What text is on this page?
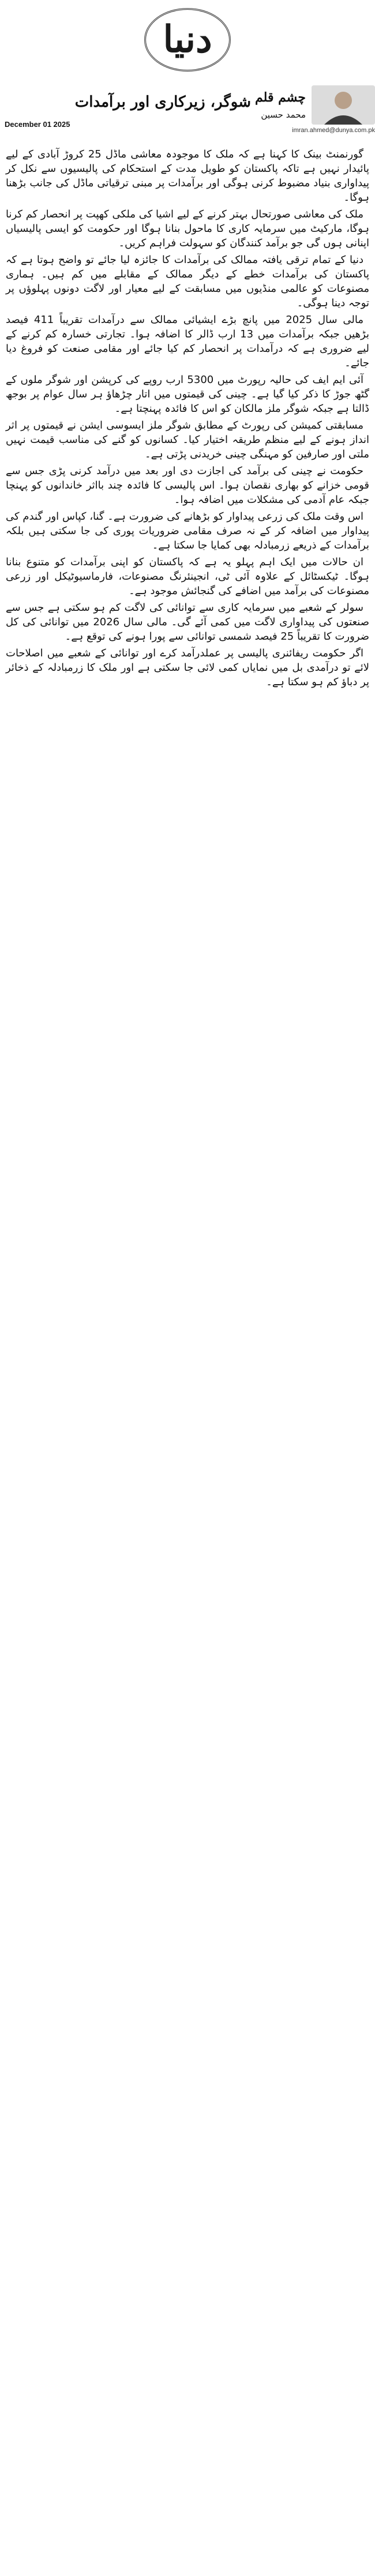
دنیا
شوگر، زیرکاری اور برآمدات چشم قلم
محمد حسین
imran.ahmed@dunya.com.pk
December 01 2025

گورنمنٹ بینک کا کہنا ہے کہ ملک کا موجودہ معاشی ماڈل 25 کروڑ آبادی کے لیے پائیدار نہیں ہے تاکہ پاکستان کو طویل مدت کے استحکام کی پالیسیوں سے نکل کر پیداواری بنیاد مضبوط کرنی ہوگی اور برآمدات پر مبنی ترقیاتی ماڈل کی جانب بڑھنا ہوگا۔

ملک کی معاشی صورتحال بہتر کرنے کے لیے اشیا کی ملکی کھپت پر انحصار کم کرنا ہوگا، مارکیٹ میں سرمایہ کاری کا ماحول بنانا ہوگا اور حکومت کو ایسی پالیسیاں اپنانی ہوں گی جو برآمد کنندگان کو سہولت فراہم کریں۔

دنیا کے تمام ترقی یافتہ ممالک کی برآمدات کا جائزہ لیا جائے تو واضح ہوتا ہے کہ پاکستان کی برآمدات خطے کے دیگر ممالک کے مقابلے میں کم ہیں۔ ہماری مصنوعات کو عالمی منڈیوں میں مسابقت کے لیے معیار اور لاگت دونوں پہلوؤں پر توجہ دینا ہوگی۔

مالی سال 2025 میں پانچ بڑے ایشیائی ممالک سے درآمدات تقریباً 411 فیصد بڑھیں جبکہ برآمدات میں 13 ارب ڈالر کا اضافہ ہوا۔ تجارتی خسارہ کم کرنے کے لیے ضروری ہے کہ درآمدات پر انحصار کم کیا جائے اور مقامی صنعت کو فروغ دیا جائے۔

آئی ایم ایف کی حالیہ رپورٹ میں 5300 ارب روپے کی کرپشن اور شوگر ملوں کے گٹھ جوڑ کا ذکر کیا گیا ہے۔ چینی کی قیمتوں میں اتار چڑھاؤ ہر سال عوام پر بوجھ ڈالتا ہے جبکہ شوگر ملز مالکان کو اس کا فائدہ پہنچتا ہے۔

مسابقتی کمیشن کی رپورٹ کے مطابق شوگر ملز ایسوسی ایشن نے قیمتوں پر اثر انداز ہونے کے لیے منظم طریقہ اختیار کیا۔ کسانوں کو گنے کی مناسب قیمت نہیں ملتی اور صارفین کو مہنگی چینی خریدنی پڑتی ہے۔

حکومت نے چینی کی برآمد کی اجازت دی اور بعد میں درآمد کرنی پڑی جس سے قومی خزانے کو بھاری نقصان ہوا۔ اس پالیسی کا فائدہ چند بااثر خاندانوں کو پہنچا جبکہ عام آدمی کی مشکلات میں اضافہ ہوا۔

اس وقت ملک کی زرعی پیداوار کو بڑھانے کی ضرورت ہے۔ گنا، کپاس اور گندم کی پیداوار میں اضافہ کر کے نہ صرف مقامی ضروریات پوری کی جا سکتی ہیں بلکہ برآمدات کے ذریعے زرمبادلہ بھی کمایا جا سکتا ہے۔

ان حالات میں ایک اہم پہلو یہ ہے کہ پاکستان کو اپنی برآمدات کو متنوع بنانا ہوگا۔ ٹیکسٹائل کے علاوہ آئی ٹی، انجینئرنگ مصنوعات، فارماسیوٹیکل اور زرعی مصنوعات کی برآمد میں اضافے کی گنجائش موجود ہے۔

سولر کے شعبے میں سرمایہ کاری سے توانائی کی لاگت کم ہو سکتی ہے جس سے صنعتوں کی پیداواری لاگت میں کمی آئے گی۔ مالی سال 2026 میں توانائی کی کل ضرورت کا تقریباً 25 فیصد شمسی توانائی سے پورا ہونے کی توقع ہے۔

اگر حکومت ریفائنری پالیسی پر عملدرآمد کرے اور توانائی کے شعبے میں اصلاحات لائے تو درآمدی بل میں نمایاں کمی لائی جا سکتی ہے اور ملک کا زرمبادلہ کے ذخائر پر دباؤ کم ہو سکتا ہے۔
